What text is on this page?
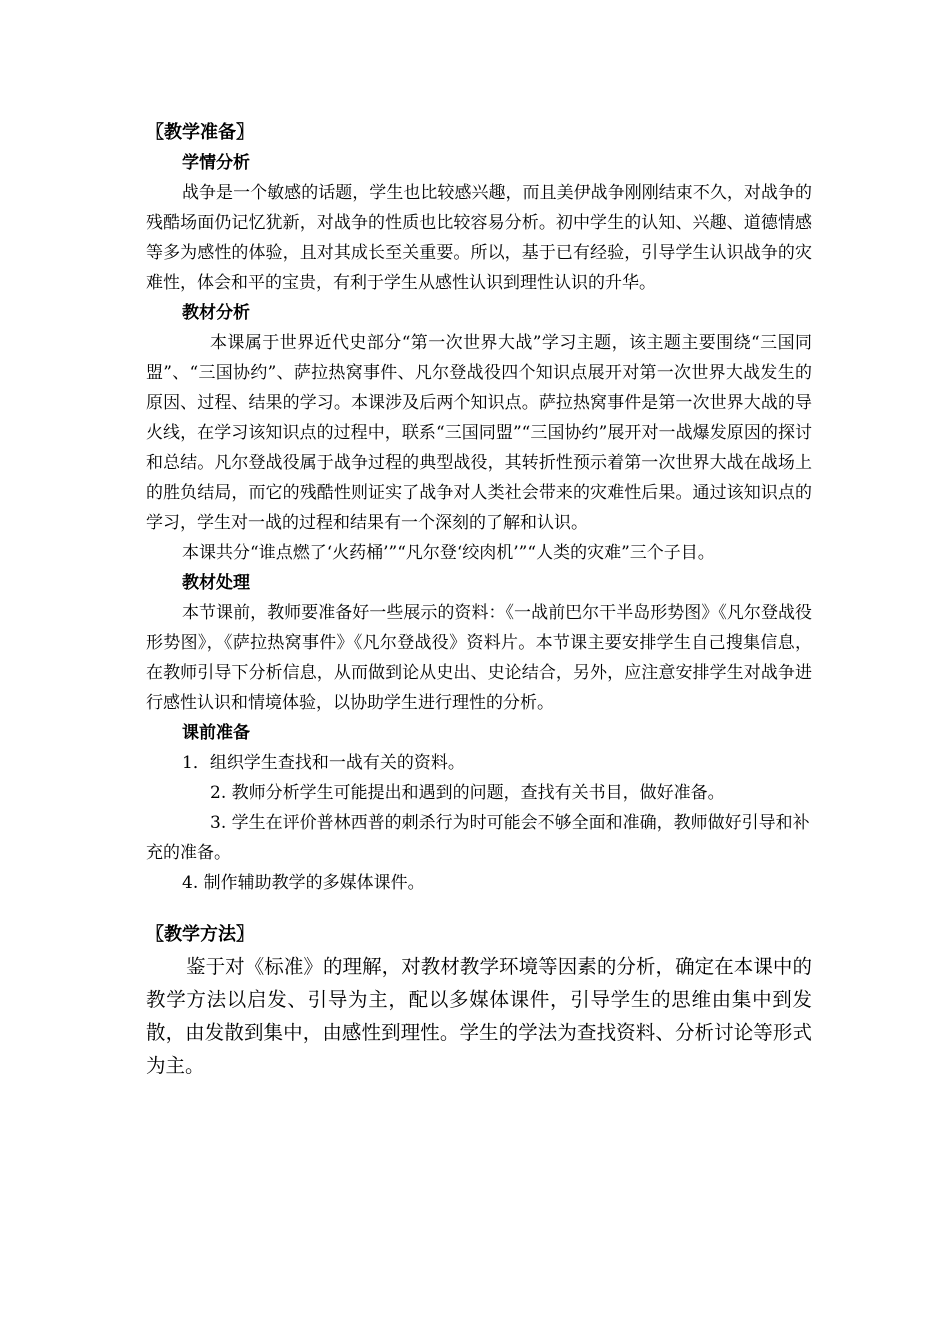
〖教学准备〗
学情分析
战争是一个敏感的话题，学生也比较感兴趣，而且美伊战争刚刚结束不久，对战争的残酷场面仍记忆犹新，对战争的性质也比较容易分析。初中学生的认知、兴趣、道德情感等多为感性的体验，且对其成长至关重要。所以，基于已有经验，引导学生认识战争的灾难性，体会和平的宝贵，有利于学生从感性认识到理性认识的升华。
教材分析
本课属于世界近代史部分“第一次世界大战”学习主题，该主题主要围绕“三国同盟”、“三国协约”、萨拉热窝事件、凡尔登战役四个知识点展开对第一次世界大战发生的原因、过程、结果的学习。本课涉及后两个知识点。萨拉热窝事件是第一次世界大战的导火线，在学习该知识点的过程中，联系“三国同盟”“三国协约”展开对一战爆发原因的探讨和总结。凡尔登战役属于战争过程的典型战役，其转折性预示着第一次世界大战在战场上的胜负结局，而它的残酷性则证实了战争对人类社会带来的灾难性后果。通过该知识点的学习，学生对一战的过程和结果有一个深刻的了解和认识。
本课共分“谁点燃了‘火药桶’”“凡尔登‘绞肉机’”“人类的灾难”三个子目。
教材处理
本节课前，教师要准备好一些展示的资料：《一战前巴尔干半岛形势图》《凡尔登战役形势图》，《萨拉热窝事件》《凡尔登战役》资料片。本节课主要安排学生自己搜集信息，在教师引导下分析信息，从而做到论从史出、史论结合，另外，应注意安排学生对战争进行感性认识和情境体验，以协助学生进行理性的分析。
课前准备
1．组织学生查找和一战有关的资料。
2. 教师分析学生可能提出和遇到的问题，查找有关书目，做好准备。
3. 学生在评价普林西普的刺杀行为时可能会不够全面和准确，教师做好引导和补充的准备。
4. 制作辅助教学的多媒体课件。
〖教学方法〗
鉴于对《标准》的理解，对教材教学环境等因素的分析，确定在本课中的教学方法以启发、引导为主，配以多媒体课件，引导学生的思维由集中到发散，由发散到集中，由感性到理性。学生的学法为查找资料、分析讨论等形式为主。
